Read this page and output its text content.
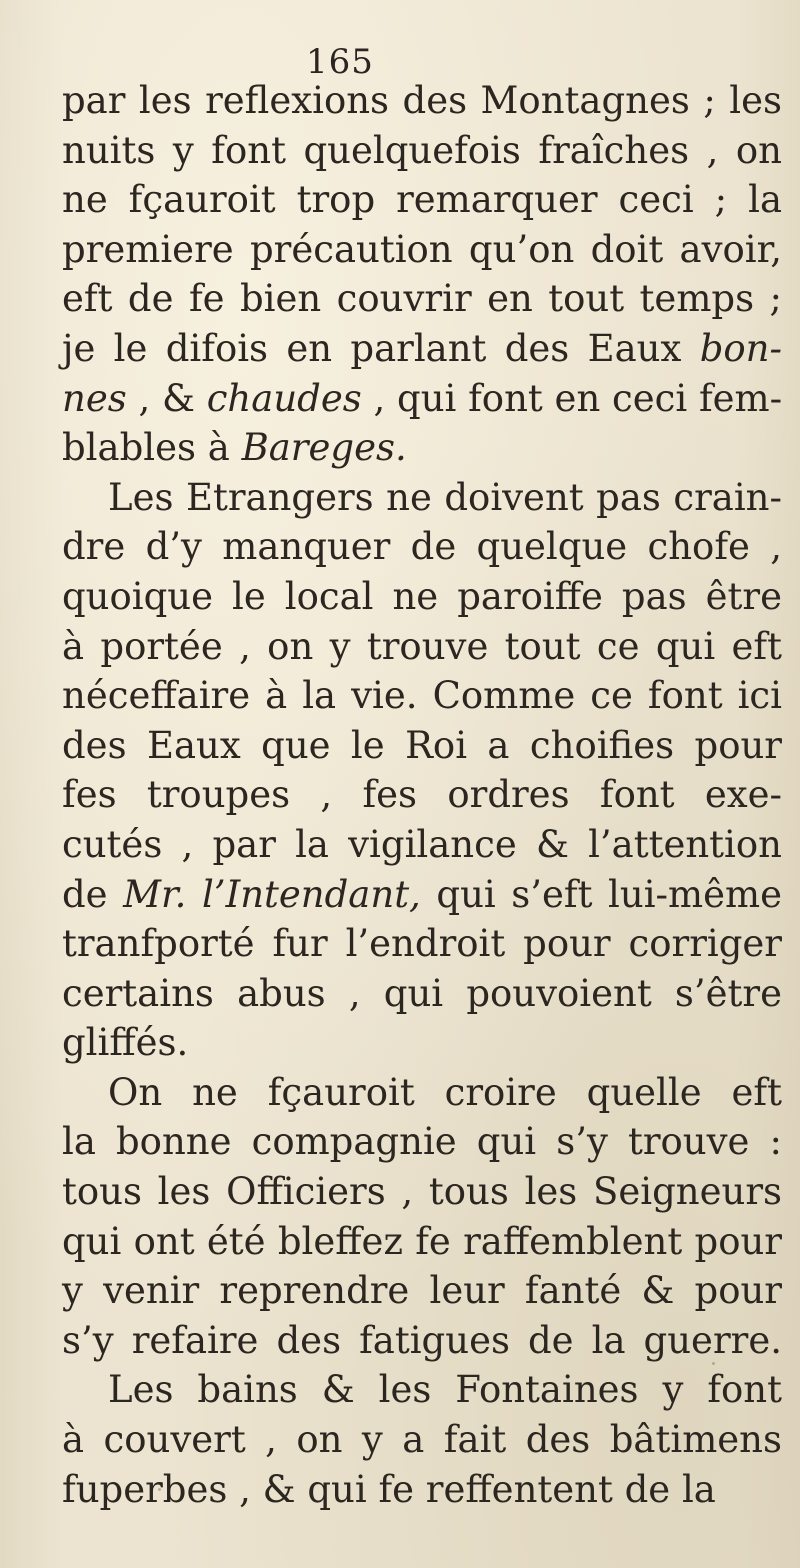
165
par les reflexions des Montagnes ; les
nuits y font quelquefois fraîches , on
ne fçauroit trop remarquer ceci ; la
premiere précaution qu’on doit avoir,
eft de fe bien couvrir en tout temps ;
je le difois en parlant des Eaux bon-
nes , & chaudes , qui font en ceci fem-
blables à Bareges.
Les Etrangers ne doivent pas crain-
dre d’y manquer de quelque chofe ,
quoique le local ne paroiffe pas être
à portée , on y trouve tout ce qui eft
néceffaire à la vie. Comme ce font ici
des Eaux que le Roi a choifies pour
fes troupes , fes ordres font exe-
cutés , par la vigilance & l’attention
de Mr. l’Intendant, qui s’eft lui-même
tranfporté fur l’endroit pour corriger
certains abus , qui pouvoient s’être
gliffés.
On ne fçauroit croire quelle eft
la bonne compagnie qui s’y trouve :
tous les Officiers , tous les Seigneurs
qui ont été bleffez fe raffemblent pour
y venir reprendre leur fanté & pour
s’y refaire des fatigues de la guerre.
Les bains & les Fontaines y font
à couvert , on y a fait des bâtimens
fuperbes , & qui fe reffentent de la
